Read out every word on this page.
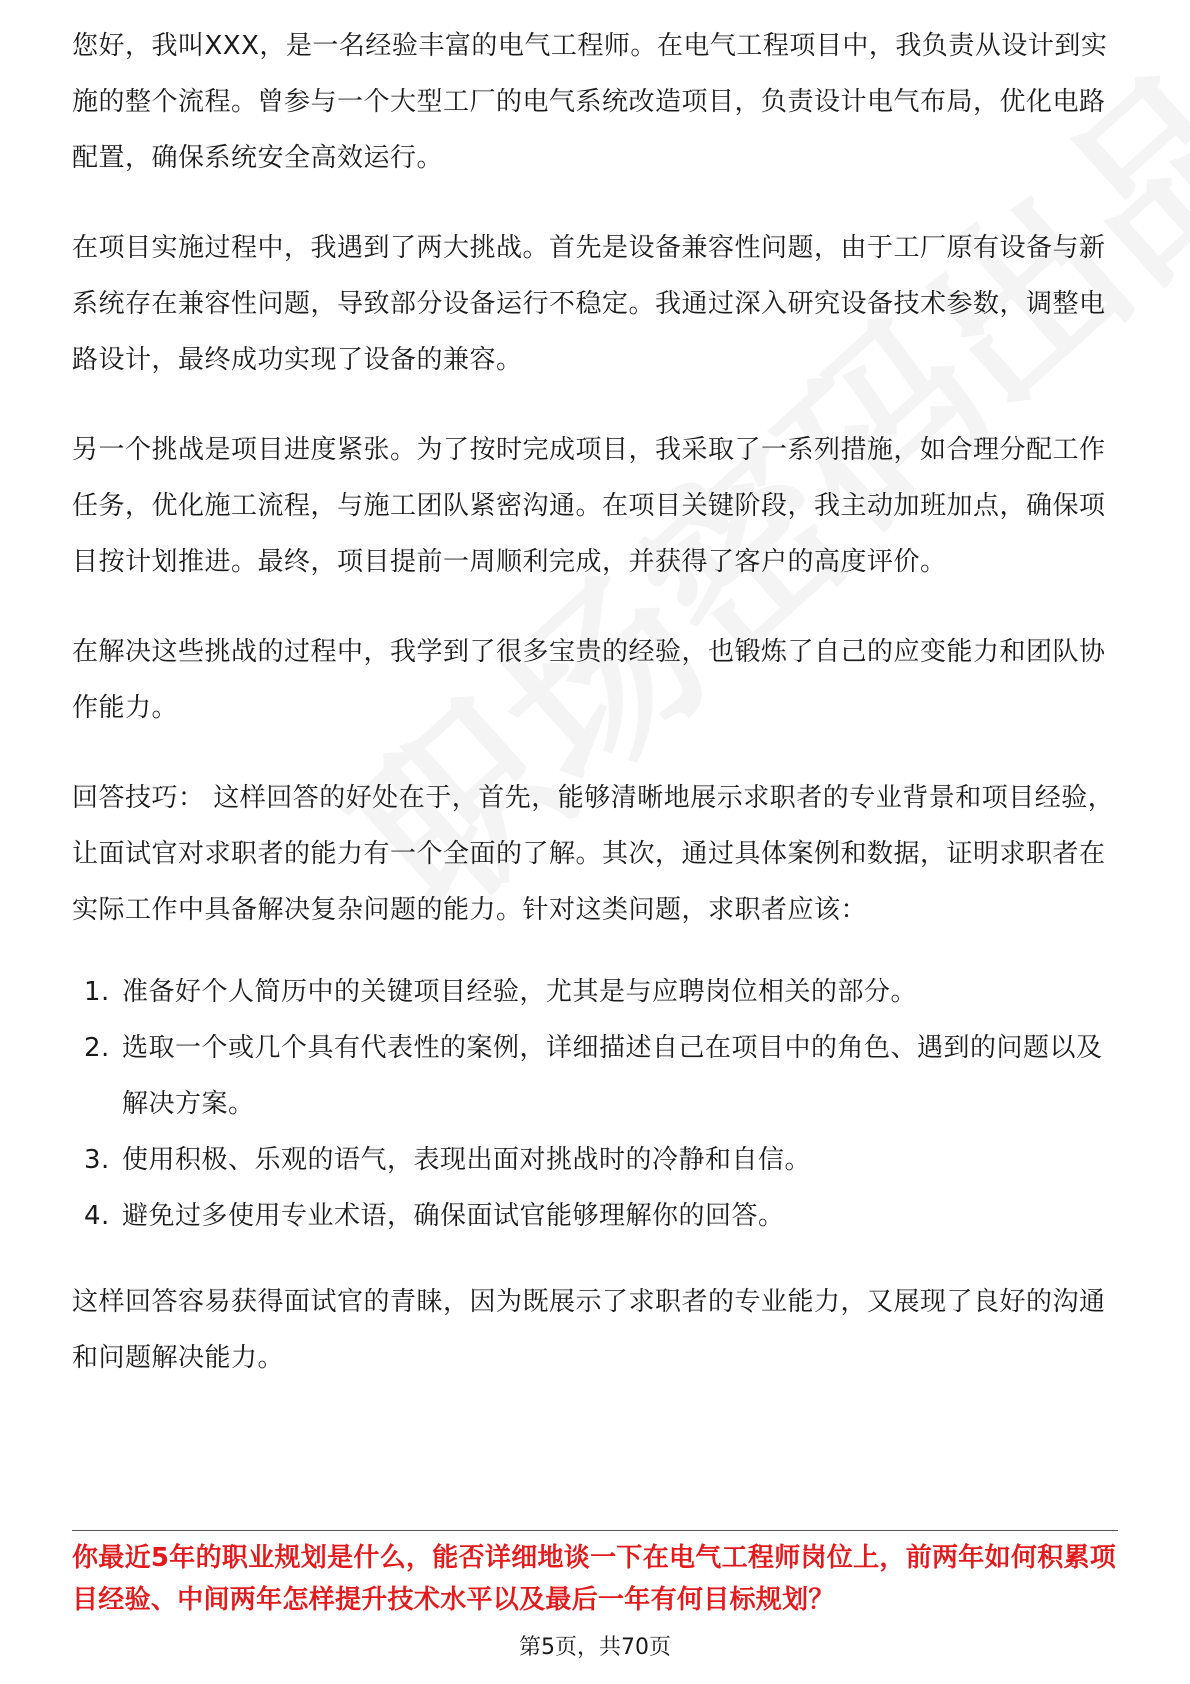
您好，我叫XXX，是一名经验丰富的电气工程师。在电气工程项目中，我负责从设计到实施的整个流程。曾参与一个大型工厂的电气系统改造项目，负责设计电气布局，优化电路配置，确保系统安全高效运行。

在项目实施过程中，我遇到了两大挑战。首先是设备兼容性问题，由于工厂原有设备与新系统存在兼容性问题，导致部分设备运行不稳定。我通过深入研究设备技术参数，调整电路设计，最终成功实现了设备的兼容。

另一个挑战是项目进度紧张。为了按时完成项目，我采取了一系列措施，如合理分配工作任务，优化施工流程，与施工团队紧密沟通。在项目关键阶段，我主动加班加点，确保项目按计划推进。最终，项目提前一周顺利完成，并获得了客户的高度评价。

在解决这些挑战的过程中，我学到了很多宝贵的经验，也锻炼了自己的应变能力和团队协作能力。

回答技巧： 这样回答的好处在于，首先，能够清晰地展示求职者的专业背景和项目经验，让面试官对求职者的能力有一个全面的了解。其次，通过具体案例和数据，证明求职者在实际工作中具备解决复杂问题的能力。针对这类问题，求职者应该：

1. 准备好个人简历中的关键项目经验，尤其是与应聘岗位相关的部分。
2. 选取一个或几个具有代表性的案例，详细描述自己在项目中的角色、遇到的问题以及解决方案。
3. 使用积极、乐观的语气，表现出面对挑战时的冷静和自信。
4. 避免过多使用专业术语，确保面试官能够理解你的回答。

这样回答容易获得面试官的青睐，因为既展示了求职者的专业能力，又展现了良好的沟通和问题解决能力。

你最近5年的职业规划是什么，能否详细地谈一下在电气工程师岗位上，前两年如何积累项目经验、中间两年怎样提升技术水平以及最后一年有何目标规划？
第5页，共70页
